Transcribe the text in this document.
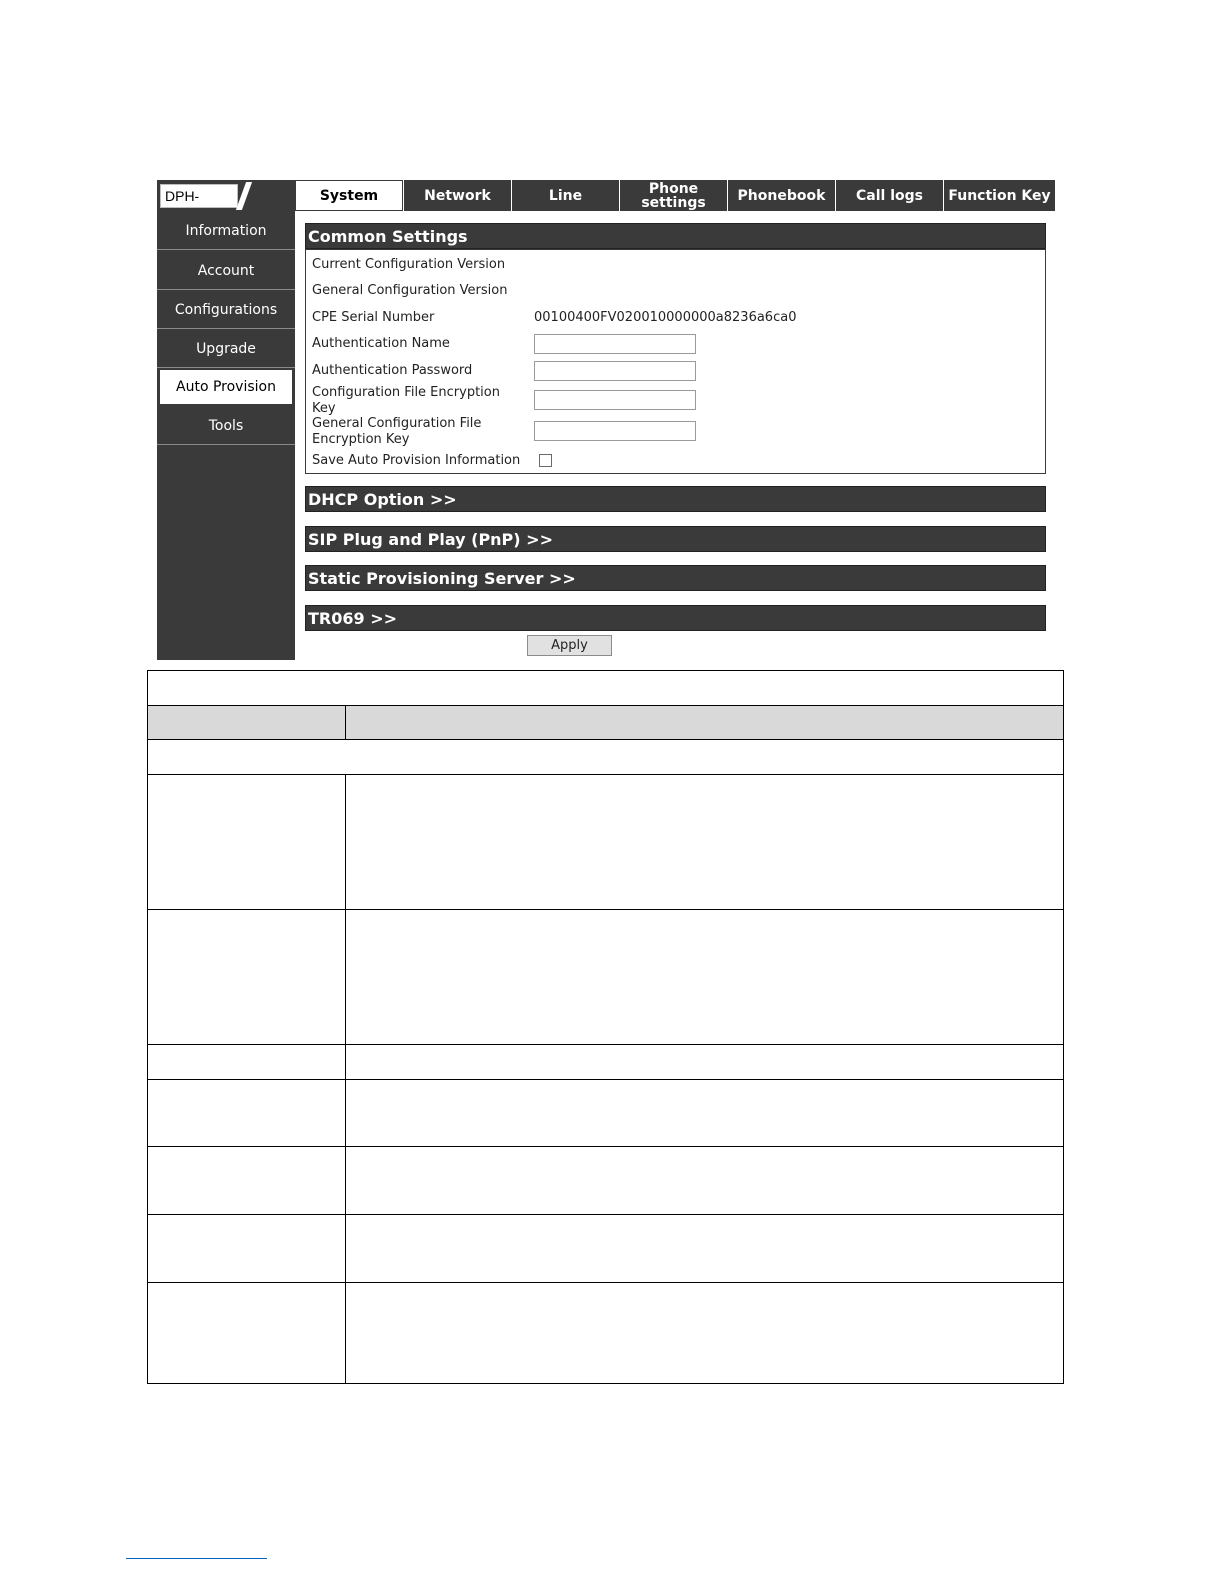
DPH-	System	Network	Line	Phone settings	Phonebook	Call logs	Function Key
Information
Account
Configurations
Upgrade
Auto Provision
Tools
Common Settings
Current Configuration Version
General Configuration Version
CPE Serial Number	00100400FV020010000000a8236a6ca0
Authentication Name
Authentication Password
Configuration File Encryption Key
General Configuration File Encryption Key
Save Auto Provision Information
DHCP Option >>
SIP Plug and Play (PnP) >>
Static Provisioning Server >>
TR069 >>
Apply
